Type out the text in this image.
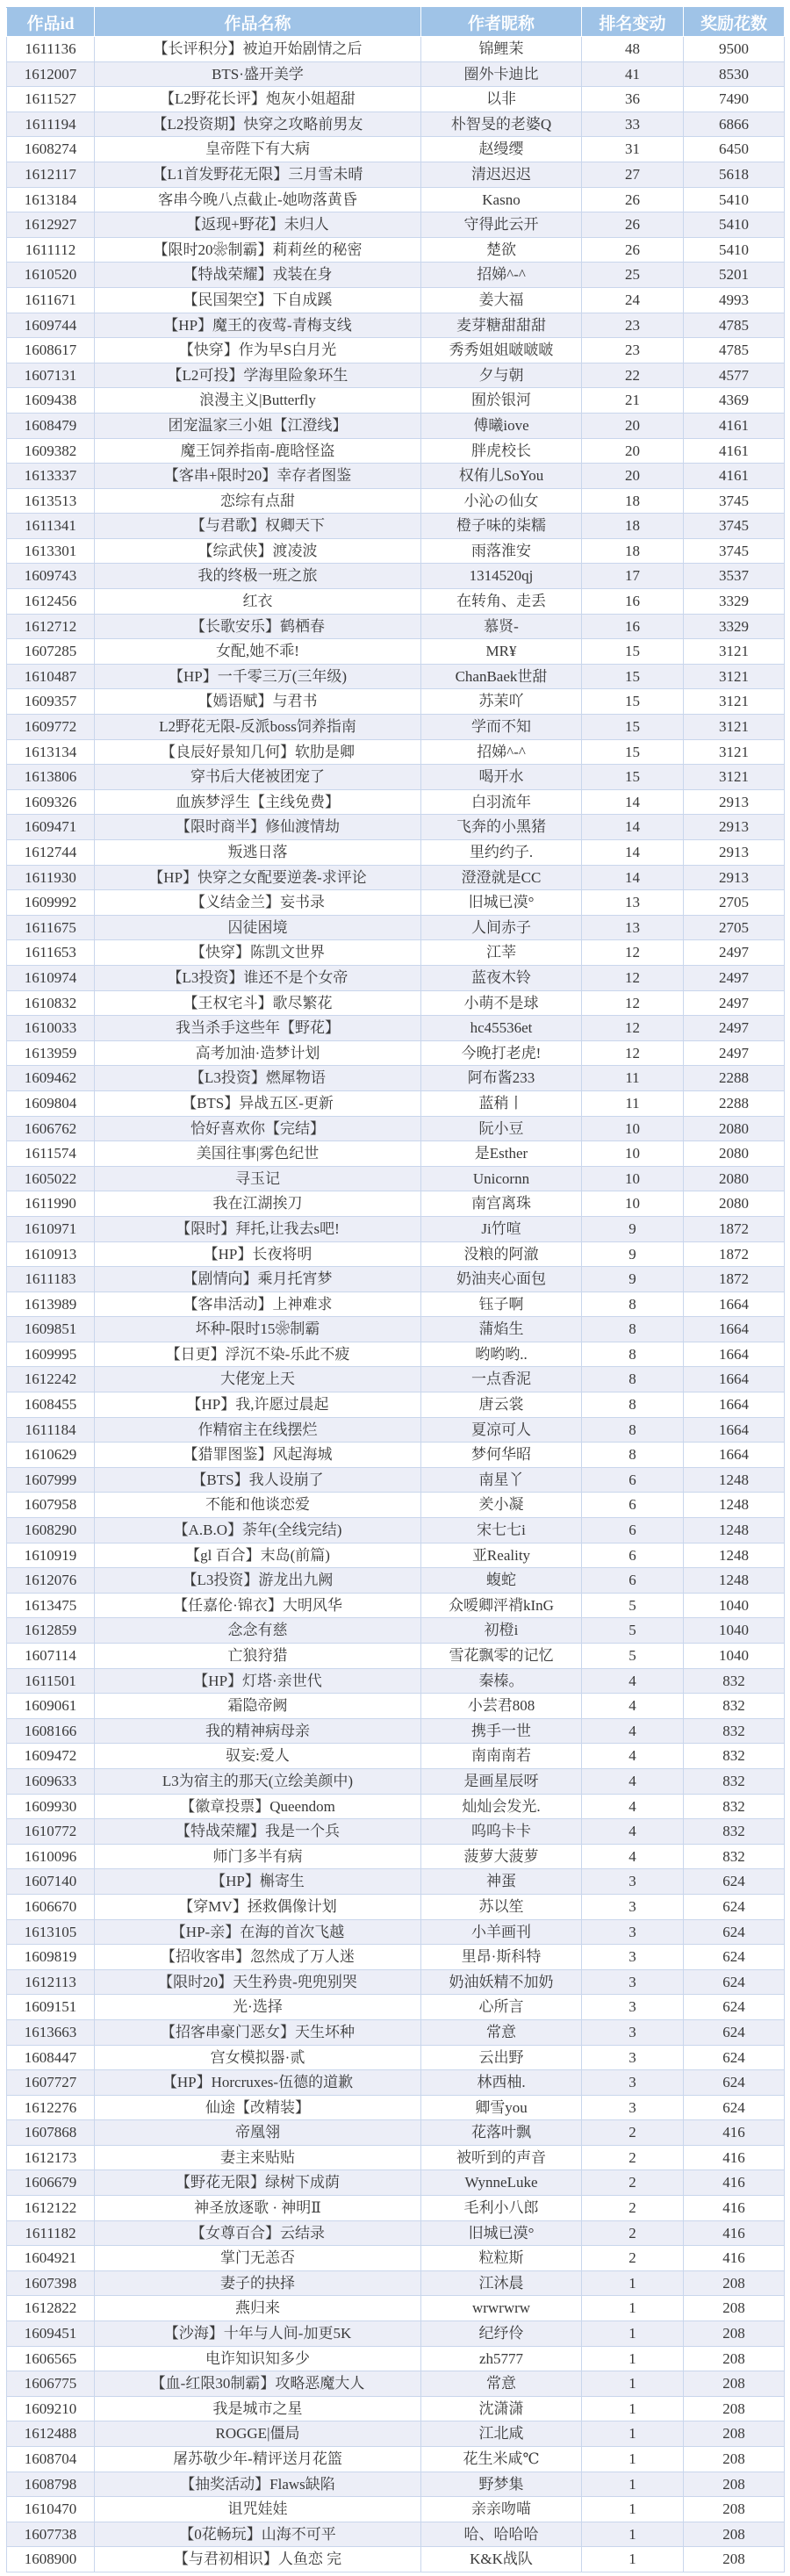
作品id	作品名称	作者昵称	排名变动	奖励花数
1611136	【长评积分】被迫开始剧情之后	锦鲤茉	48	9500
1612007	BTS·盛开美学	圈外卡迪比	41	8530
1611527	【L2野花长评】炮灰小姐超甜	以非	36	7490
1611194	【L2投资期】快穿之攻略前男友	朴智旻的老婆Q	33	6866
1608274	皇帝陛下有大病	赵缦缨	31	6450
1612117	【L1首发野花无限】三月雪未晴	清迟迟迟	27	5618
1613184	客串今晚八点截止-她吻落黄昏	Kasno	26	5410
1612927	【返现+野花】未归人	守得此云开	26	5410
1611112	【限时20❀制霸】莉莉丝的秘密	楚欲	26	5410
1610520	【特战荣耀】戎装在身	招娣^-^	25	5201
1611671	【民国架空】下自成蹊	姜大福	24	4993
1609744	【HP】魔王的夜莺-青梅支线	麦芽糖甜甜甜	23	4785
1608617	【快穿】作为早S白月光	秀秀姐姐啵啵啵	23	4785
1607131	【L2可投】学海里险象环生	夕与朝	22	4577
1609438	浪漫主义|Butterfly	囿於银河	21	4369
1608479	团宠温家三小姐【江澄线】	傅曦iove	20	4161
1609382	魔王饲养指南-鹿晗怪盗	胖虎校长	20	4161
1613337	【客串+限时20】幸存者图鉴	权侑儿SoYou	20	4161
1613513	恋综有点甜	小沁の仙女	18	3745
1611341	【与君歌】权卿天下	橙子味的柒糯	18	3745
1613301	【综武侠】渡凌波	雨落淮安	18	3745
1609743	我的终极一班之旅	1314520qj	17	3537
1612456	红衣	在转角、走丢	16	3329
1612712	【长歌安乐】鹤栖春	慕贤-	16	3329
1607285	女配,她不乖!	MR¥	15	3121
1610487	【HP】一千零三万(三年级)	ChanBaek世甜	15	3121
1609357	【嫣语赋】与君书	苏茉吖	15	3121
1609772	L2野花无限-反派boss饲养指南	学而不知	15	3121
1613134	【良辰好景知几何】软肋是卿	招娣^-^	15	3121
1613806	穿书后大佬被团宠了	喝开水	15	3121
1609326	血族梦浮生【主线免费】	白羽流年	14	2913
1609471	【限时商半】修仙渡情劫	飞奔的小黑猪	14	2913
1612744	叛逃日落	里约约子.	14	2913
1611930	【HP】快穿之女配要逆袭-求评论	澄澄就是CC	14	2913
1609992	【义结金兰】妄书录	旧城已漠°	13	2705
1611675	囚徒困境	人间赤子	13	2705
1611653	【快穿】陈凯文世界	江莘	12	2497
1610974	【L3投资】谁还不是个女帝	蓝夜木铃	12	2497
1610832	【王权宅斗】歌尽繁花	小萌不是球	12	2497
1610033	我当杀手这些年【野花】	hc45536et	12	2497
1613959	高考加油·造梦计划	今晚打老虎!	12	2497
1609462	【L3投资】燃犀物语	阿布酱233	11	2288
1609804	【BTS】异战五区-更新	蓝稍丨	11	2288
1606762	恰好喜欢你【完结】	阮小豆	10	2080
1611574	美国往事|雾色纪世	是Esther	10	2080
1605022	寻玉记	Unicornn	10	2080
1611990	我在江湖挨刀	南宫离珠	10	2080
1610971	【限时】拜托,让我去s吧!	Ji竹喧	9	1872
1610913	【HP】长夜将明	没粮的阿澈	9	1872
1611183	【剧情向】乘月托宵梦	奶油夹心面包	9	1872
1613989	【客串活动】上神难求	钰子啊	8	1664
1609851	坏种-限时15❀制霸	蒲焰生	8	1664
1609995	【日更】浮沉不染-乐此不疲	哟哟哟..	8	1664
1612242	大佬宠上天	一点香泥	8	1664
1608455	【HP】我,许愿过晨起	唐云裳	8	1664
1611184	作精宿主在线摆烂	夏凉可人	8	1664
1610629	【猎罪图鉴】风起海城	梦何华昭	8	1664
1607999	【BTS】我人设崩了	南星丫	6	1248
1607958	不能和他谈恋爱	羑小凝	6	1248
1608290	【A.B.O】荼年(全线完结)	宋七七i	6	1248
1610919	【gl 百合】末岛(前篇)	亚Reality	6	1248
1612076	【L3投资】游龙出九阙	蝮蛇	6	1248
1613475	【任嘉伦·锦衣】大明风华	众嗳卿泙禙kInG	5	1040
1612859	念念有慈	初橙i	5	1040
1607114	亡狼狩猎	雪花飘零的记忆	5	1040
1611501	【HP】灯塔·亲世代	秦榛。	4	832
1609061	霜隐帝阙	小芸君808	4	832
1608166	我的精神病母亲	携手一世	4	832
1609472	驭妄:爱人	南南南若	4	832
1609633	L3为宿主的那天(立绘美颜中)	是画星辰呀	4	832
1609930	【徽章投票】Queendom	灿灿会发光.	4	832
1610772	【特战荣耀】我是一个兵	呜呜卡卡	4	832
1610096	师门多半有病	菠萝大菠萝	4	832
1607140	【HP】槲寄生	神蛋	3	624
1606670	【穿MV】拯救偶像计划	苏以笙	3	624
1613105	【HP-亲】在海的首次飞越	小羊画刊	3	624
1609819	【招收客串】忽然成了万人迷	里昂·斯科特	3	624
1612113	【限时20】天生矜贵-兜兜别哭	奶油妖精不加奶	3	624
1609151	光·选择	心所言	3	624
1613663	【招客串豪门恶女】天生坏种	常意	3	624
1608447	宫女模拟器·贰	云出野	3	624
1607727	【HP】Horcruxes-伍德的道歉	林西柚.	3	624
1612276	仙途【改精装】	卿雪you	3	624
1607868	帝凰翎	花落叶飘	2	416
1612173	妻主来贴贴	被听到的声音	2	416
1606679	【野花无限】绿树下成荫	WynneLuke	2	416
1612122	神圣放逐歌 · 神明Ⅱ	毛利小八郎	2	416
1611182	【女尊百合】云结录	旧城已漠°	2	416
1604921	掌门无恙否	粒粒斯	2	416
1607398	妻子的抉择	江沐晨	1	208
1612822	燕归来	wrwrwrw	1	208
1609451	【沙海】十年与人间-加更5K	纪纾伶	1	208
1606565	电诈知识知多少	zh5777	1	208
1606775	【血-红限30制霸】攻略恶魔大人	常意	1	208
1609210	我是城市之星	沈潇潇	1	208
1612488	ROGGE|僵局	江北咸	1	208
1608704	屠苏敬少年-精评送月花篮	花生米咸℃	1	208
1608798	【抽奖活动】Flaws缺陷	野梦集	1	208
1610470	诅咒娃娃	亲亲吻喵	1	208
1607738	【0花畅玩】山海不可平	哈、哈哈哈	1	208
1608900	【与君初相识】人鱼恋 完	K&K战队	1	208
